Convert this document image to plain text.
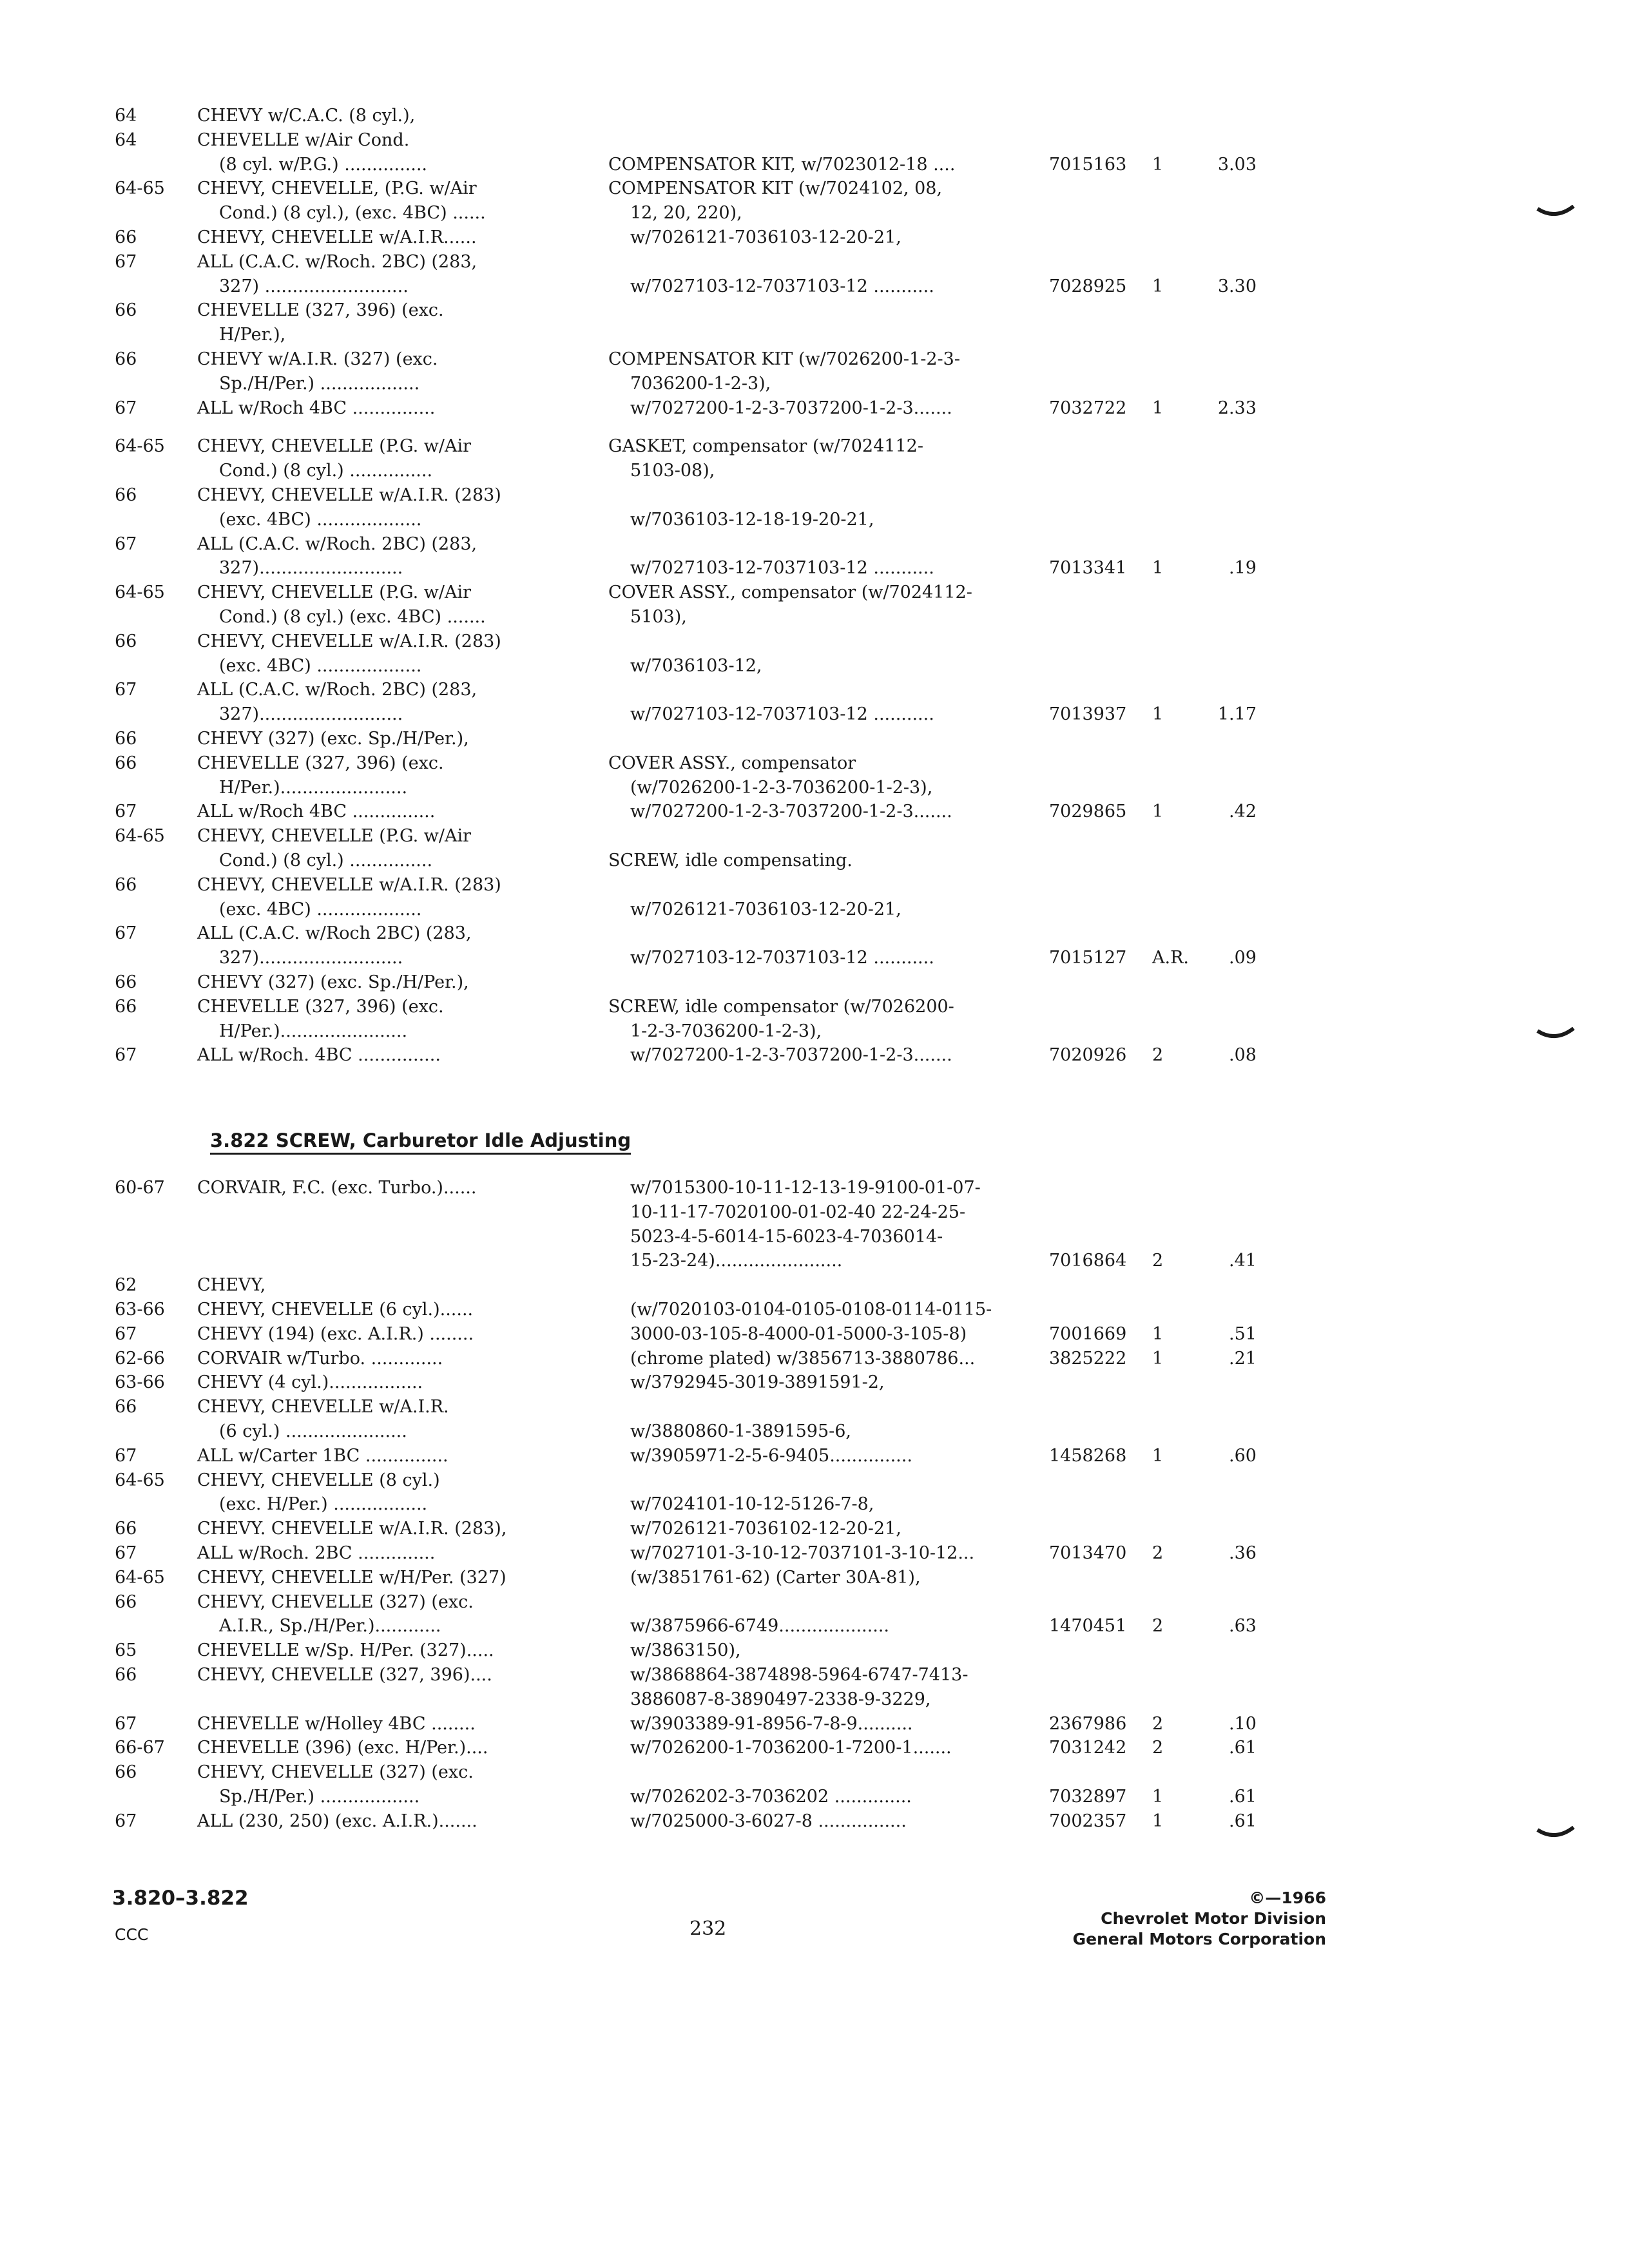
64	CHEVY w/C.A.C. (8 cyl.),
64	CHEVELLE w/Air Cond.
(8 cyl. w/P.G.) ...............	COMPENSATOR KIT, w/7023012-18 ....	7015163 1	3.03
64-65 CHEVY, CHEVELLE, (P.G. w/Air	COMPENSATOR KIT (w/7024102, 08,
Cond.) (8 cyl.), (exc. 4BC) ......	12, 20, 220),
66	CHEVY, CHEVELLE w/A.I.R......	w/7026121-7036103-12-20-21,
67	ALL (C.A.C. w/Roch. 2BC) (283,
327) ..........................	w/7027103-12-7037103-12 ...........	7028925 1	3.30
66	CHEVELLE (327, 396) (exc.
H/Per.),
66	CHEVY w/A.I.R. (327) (exc.	COMPENSATOR KIT (w/7026200-1-2-3-
Sp./H/Per.) ..................	7036200-1-2-3),
67	ALL w/Roch 4BC ...............	w/7027200-1-2-3-7037200-1-2-3.......	7032722 1	2.33
64-65 CHEVY, CHEVELLE (P.G. w/Air	GASKET, compensator (w/7024112-
Cond.) (8 cyl.) ...............	5103-08),
66	CHEVY, CHEVELLE w/A.I.R. (283)
(exc. 4BC) ...................	w/7036103-12-18-19-20-21,
67	ALL (C.A.C. w/Roch. 2BC) (283,
327)..........................	w/7027103-12-7037103-12 ...........	7013341 1	.19
64-65 CHEVY, CHEVELLE (P.G. w/Air	COVER ASSY., compensator (w/7024112-
Cond.) (8 cyl.) (exc. 4BC) .......	5103),
66	CHEVY, CHEVELLE w/A.I.R. (283)
(exc. 4BC) ...................	w/7036103-12,
67	ALL (C.A.C. w/Roch. 2BC) (283,
327)..........................	w/7027103-12-7037103-12 ...........	7013937 1	1.17
66	CHEVY (327) (exc. Sp./H/Per.),
66	CHEVELLE (327, 396) (exc.	COVER ASSY., compensator
H/Per.).......................	(w/7026200-1-2-3-7036200-1-2-3),
67	ALL w/Roch 4BC ...............	w/7027200-1-2-3-7037200-1-2-3.......	7029865 1	.42
64-65 CHEVY, CHEVELLE (P.G. w/Air
Cond.) (8 cyl.) ...............	SCREW, idle compensating.
66	CHEVY, CHEVELLE w/A.I.R. (283)
(exc. 4BC) ...................	w/7026121-7036103-12-20-21,
67	ALL (C.A.C. w/Roch 2BC) (283,
327)..........................	w/7027103-12-7037103-12 ...........	7015127 A.R.	.09
66	CHEVY (327) (exc. Sp./H/Per.),
66	CHEVELLE (327, 396) (exc.	SCREW, idle compensator (w/7026200-
H/Per.).......................	1-2-3-7036200-1-2-3),
67	ALL w/Roch. 4BC ...............	w/7027200-1-2-3-7037200-1-2-3.......	7020926 2	.08
3.822 SCREW, Carburetor Idle Adjusting
60-67 CORVAIR, F.C. (exc. Turbo.)......	w/7015300-10-11-12-13-19-9100-01-07-
10-11-17-7020100-01-02-40 22-24-25-
5023-4-5-6014-15-6023-4-7036014-
15-23-24).......................	7016864 2	.41
62	CHEVY,
63-66 CHEVY, CHEVELLE (6 cyl.)......	(w/7020103-0104-0105-0108-0114-0115-
67	CHEVY (194) (exc. A.I.R.) ........	3000-03-105-8-4000-01-5000-3-105-8)	7001669 1	.51
62-66 CORVAIR w/Turbo. .............	(chrome plated) w/3856713-3880786...	3825222 1	.21
63-66 CHEVY (4 cyl.).................	w/3792945-3019-3891591-2,
66	CHEVY, CHEVELLE w/A.I.R.
(6 cyl.) ......................	w/3880860-1-3891595-6,
67	ALL w/Carter 1BC ...............	w/3905971-2-5-6-9405...............	1458268 1	.60
64-65 CHEVY, CHEVELLE (8 cyl.)
(exc. H/Per.) .................	w/7024101-10-12-5126-7-8,
66	CHEVY. CHEVELLE w/A.I.R. (283),	w/7026121-7036102-12-20-21,
67	ALL w/Roch. 2BC ..............	w/7027101-3-10-12-7037101-3-10-12...	7013470 2	.36
64-65 CHEVY, CHEVELLE w/H/Per. (327)	(w/3851761-62) (Carter 30A-81),
66	CHEVY, CHEVELLE (327) (exc.
A.I.R., Sp./H/Per.)............	w/3875966-6749....................	1470451 2	.63
65	CHEVELLE w/Sp. H/Per. (327).....	w/3863150),
66	CHEVY, CHEVELLE (327, 396)....	w/3868864-3874898-5964-6747-7413-
3886087-8-3890497-2338-9-3229,
67	CHEVELLE w/Holley 4BC ........	w/3903389-91-8956-7-8-9..........	2367986 2	.10
66-67 CHEVELLE (396) (exc. H/Per.)....	w/7026200-1-7036200-1-7200-1.......	7031242 2	.61
66	CHEVY, CHEVELLE (327) (exc.
Sp./H/Per.) ..................	w/7026202-3-7036202 ..............	7032897 1	.61
67	ALL (230, 250) (exc. A.I.R.).......	w/7025000-3-6027-8 ................	7002357 1	.61
3.820–3.822
CCC	232
©—1966
Chevrolet Motor Division
General Motors Corporation
